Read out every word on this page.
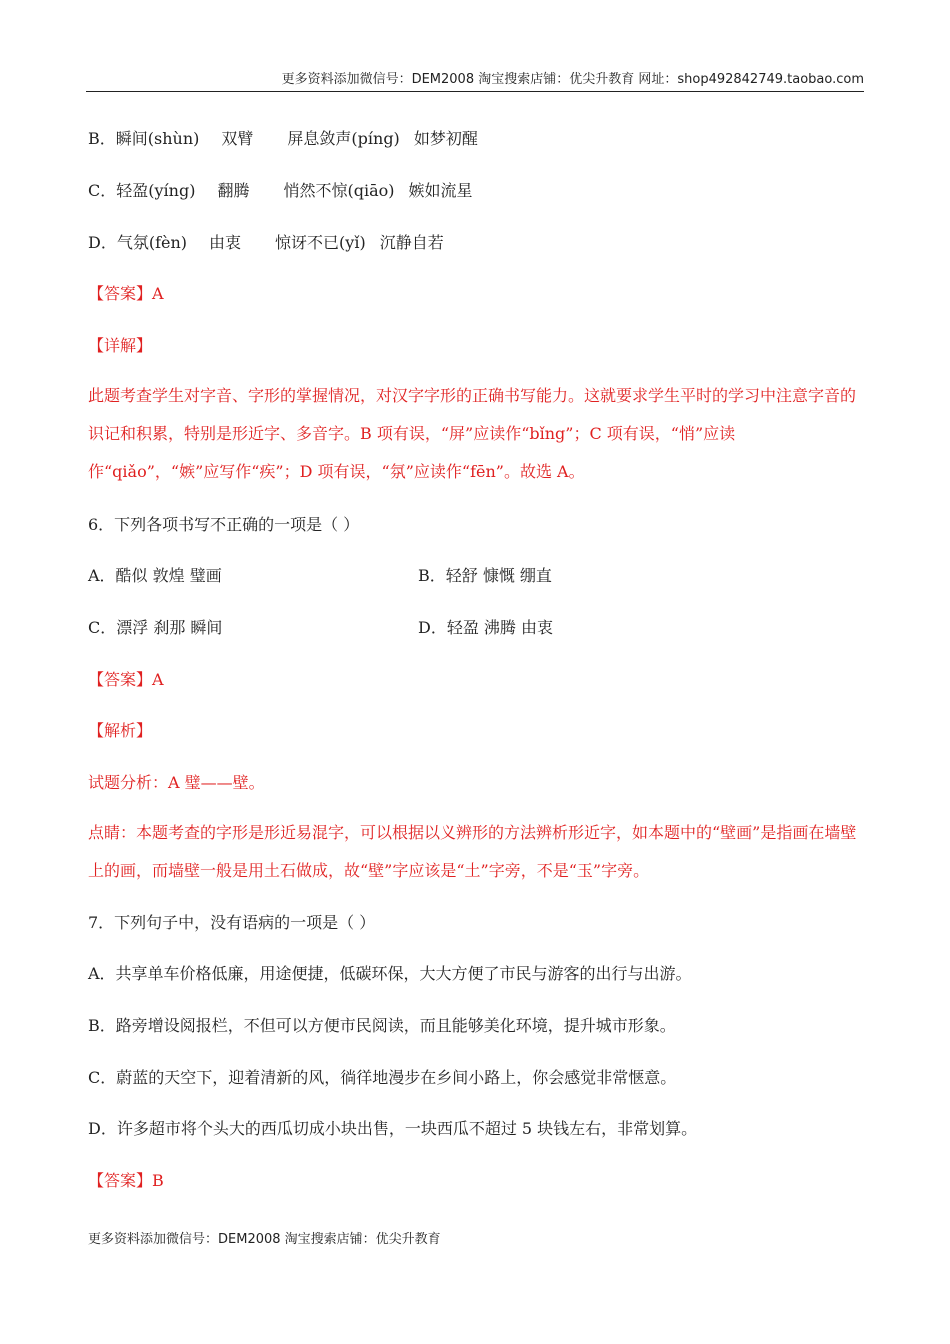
更多资料添加微信号：DEM2008 淘宝搜索店铺：优尖升教育 网址：shop492842749.taobao.com
B．瞬间(shùn) 双臂 屏息敛声(píng) 如梦初醒
C．轻盈(yíng) 翻腾 悄然不惊(qiāo) 嫉如流星
D．气氛(fèn) 由衷 惊讶不已(yǐ) 沉静自若
【答案】A
【详解】
此题考查学生对字音、字形的掌握情况，对汉字字形的正确书写能力。这就要求学生平时的学习中注意字音的识记和积累，特别是形近字、多音字。B 项有误，“屏”应读作“bǐng”；C 项有误，“悄”应读作“qiǎo”，“嫉”应写作“疾”；D 项有误，“氛”应读作“fēn”。故选 A。
6．下列各项书写不正确的一项是（ ）
A．酷似 敦煌 璧画	B．轻舒 慷慨 绷直
C．漂浮 刹那 瞬间	D．轻盈 沸腾 由衷
【答案】A
【解析】
试题分析：A 璧——壁。
点睛：本题考查的字形是形近易混字，可以根据以义辨形的方法辨析形近字，如本题中的“壁画”是指画在墙壁上的画，而墙壁一般是用土石做成，故“壁”字应该是“土”字旁，不是“玉”字旁。
7．下列句子中，没有语病的一项是（ ）
A．共享单车价格低廉，用途便捷，低碳环保，大大方便了市民与游客的出行与出游。
B．路旁增设阅报栏，不但可以方便市民阅读，而且能够美化环境，提升城市形象。
C．蔚蓝的天空下，迎着清新的风，徜徉地漫步在乡间小路上，你会感觉非常惬意。
D．许多超市将个头大的西瓜切成小块出售，一块西瓜不超过 5 块钱左右，非常划算。
【答案】B
更多资料添加微信号：DEM2008 淘宝搜索店铺：优尖升教育
